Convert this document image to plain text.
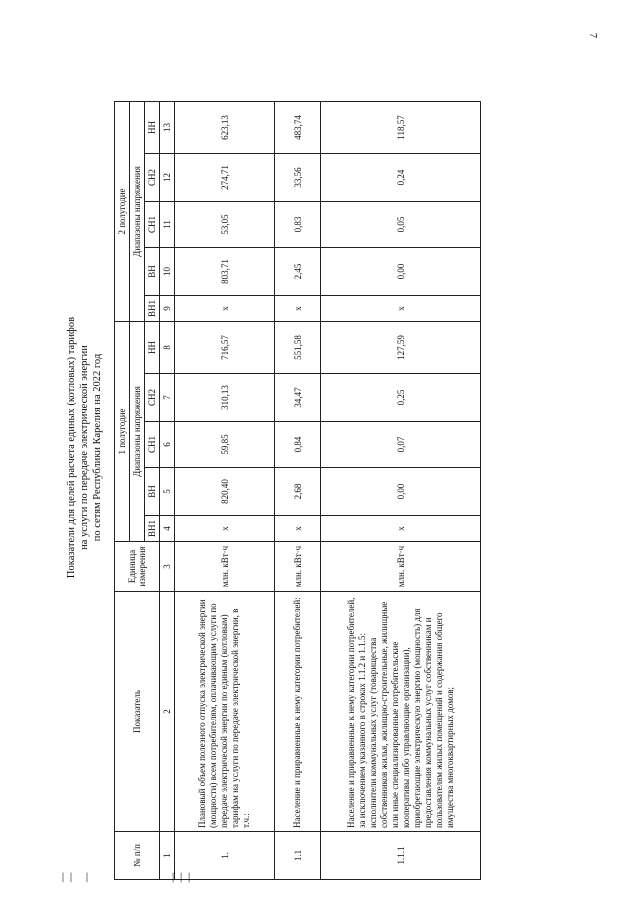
7
|| |	|||
Показатели для целей расчета единых (котловых) тарифов на услуги по передаче электрической энергии по сетям Республики Карелия на 2022 год
№ п/п	Показатель	Единица измерения	1 полугодие					2 полугодие					
			Диапазоны напряжения					Диапазоны напряжения					
			ВН1	ВН	СН1	СН2	НН	ВН1	ВН	СН1	СН2	НН	
1	2	3	4	5	6	7	8	9	10	11	12	13	
1.	Плановый объем полезного отпуска электрической энергии (мощности) всем потребителям, оплачивающим услуги по передаче электрической энергии по единым (котловым) тарифам на услуги по передаче электрической энергии, в т.ч.:	млн. кВт·ч	x	820,40	59,85	310,13	716,57	x	803,71	53,05	274,71	623,13	
1.1	Население и приравненные к нему категории потребителей:	млн. кВт·ч	x	2,68	0,84	34,47	551,58	x	2,45	0,83	33,56	483,74	
1.1.1	Население и приравненные к нему категории потребителей, за исключением указанного в строках 1.1.2 и 1.1.5: исполнители коммунальных услуг (товарищества собственников жилья, жилищно-строительные, жилищные или иные специализированные потребительские кооперативы либо управляющие организации), приобретающие электрическую энергию (мощность) для предоставления коммунальных услуг собственникам и пользователям жилых помещений и содержания общего имущества многоквартирных домов;	млн. кВт·ч	x	0,00	0,07	0,25	127,59	x	0,00	0,05	0,24	118,57	
